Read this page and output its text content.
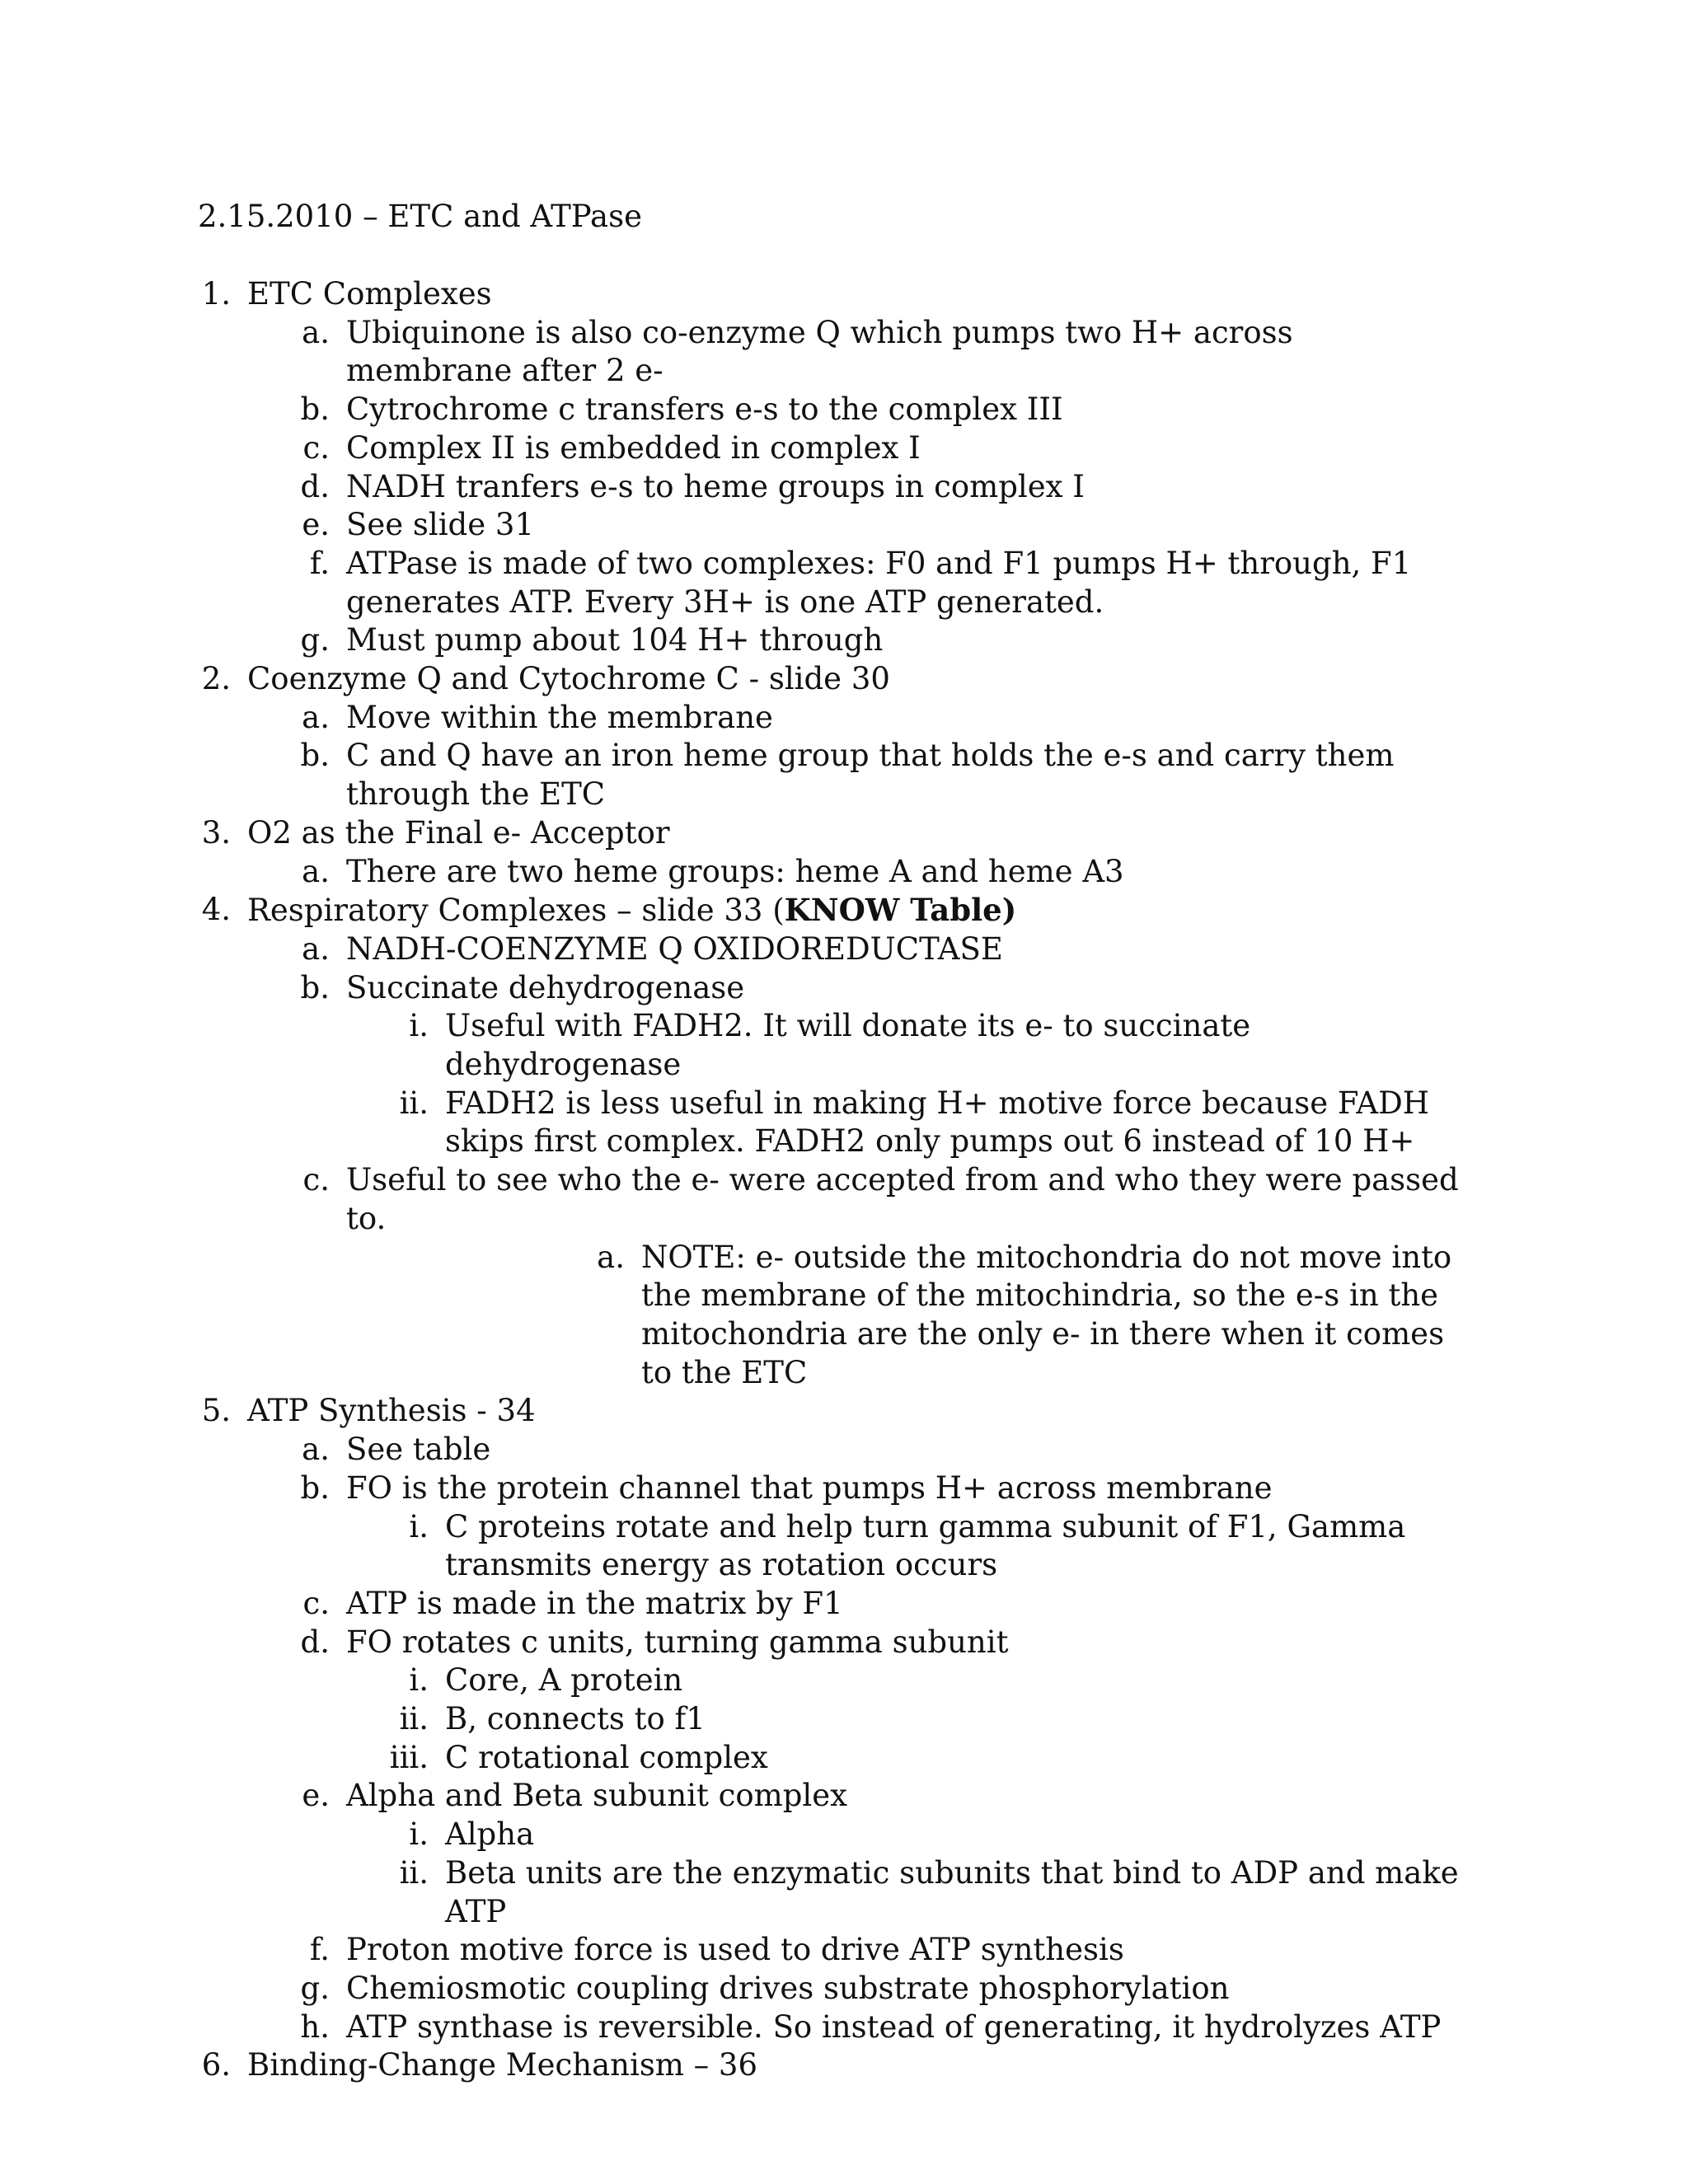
2.15.2010 – ETC and ATPase
1. ETC Complexes
a. Ubiquinone is also co-enzyme Q which pumps two H+ across membrane after 2 e-
b. Cytrochrome c transfers e-s to the complex III
c. Complex II is embedded in complex I
d. NADH tranfers e-s to heme groups in complex I
e. See slide 31
f. ATPase is made of two complexes: F0 and F1 pumps H+ through, F1 generates ATP. Every 3H+ is one ATP generated.
g. Must pump about 104 H+ through
2. Coenzyme Q and Cytochrome C - slide 30
a. Move within the membrane
b. C and Q have an iron heme group that holds the e-s and carry them through the ETC
3. O2 as the Final e- Acceptor
a. There are two heme groups: heme A and heme A3
4. Respiratory Complexes – slide 33 (KNOW Table)
a. NADH-COENZYME Q OXIDOREDUCTASE
b. Succinate dehydrogenase
i. Useful with FADH2. It will donate its e- to succinate dehydrogenase
ii. FADH2 is less useful in making H+ motive force because FADH skips first complex. FADH2 only pumps out 6 instead of 10 H+
c. Useful to see who the e- were accepted from and who they were passed to.
a. NOTE: e- outside the mitochondria do not move into the membrane of the mitochindria, so the e-s in the mitochondria are the only e- in there when it comes to the ETC
5. ATP Synthesis - 34
a. See table
b. FO is the protein channel that pumps H+ across membrane
i. C proteins rotate and help turn gamma subunit of F1, Gamma transmits energy as rotation occurs
c. ATP is made in the matrix by F1
d. FO rotates c units, turning gamma subunit
i. Core, A protein
ii. B, connects to f1
iii. C rotational complex
e. Alpha and Beta subunit complex
i. Alpha
ii. Beta units are the enzymatic subunits that bind to ADP and make ATP
f. Proton motive force is used to drive ATP synthesis
g. Chemiosmotic coupling drives substrate phosphorylation
h. ATP synthase is reversible. So instead of generating, it hydrolyzes ATP
6. Binding-Change Mechanism – 36
